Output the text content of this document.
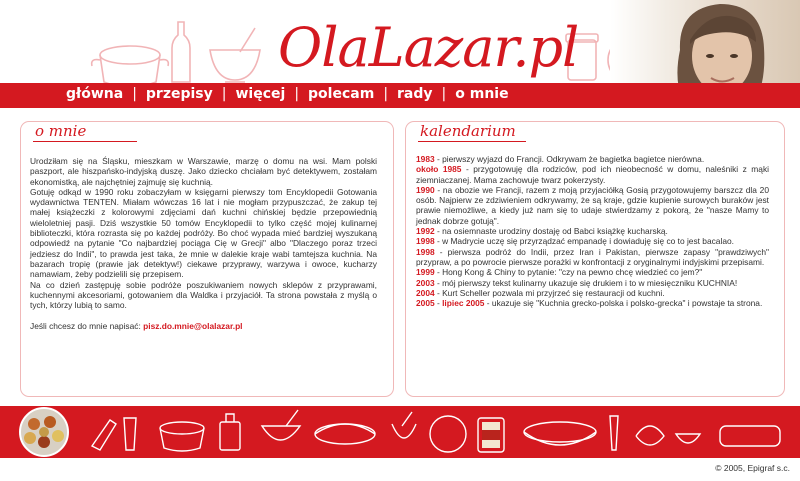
OlaLazar.pl
główna | przepisy | więcej | polecam | rady | o mnie
o mnie

Urodziłam się na Śląsku, mieszkam w Warszawie, marzę o domu na wsi. Mam polski paszport, ale hiszpańsko-indyjską duszę. Jako dziecko chciałam być detektywem, zostałam ekonomistką, ale najchętniej zajmuję się kuchnią.

Gotuję odkąd w 1990 roku zobaczyłam w księgarni pierwszy tom Encyklopedii Gotowania wydawnictwa TENTEN. Miałam wówczas 16 lat i nie mogłam przypuszczać, że zakup tej małej książeczki z kolorowymi zdjęciami dań kuchni chińskiej będzie przepowiednią wieloletniej pasji. Dziś wszystkie 50 tomów Encyklopedii to tylko część mojej kulinarnej biblioteczki, która rozrasta się po każdej podróży. Bo choć wypada mieć bardziej wyszukaną odpowiedź na pytanie "Co najbardziej pociąga Cię w Grecji" albo "Dlaczego poraz trzeci jedziesz do Indii", to prawda jest taka, że mnie w dalekie kraje wabi tamtejsza kuchnia. Na bazarach tropię (prawie jak detektyw!) ciekawe przyprawy, warzywa i owoce, kucharzy namawiam, żeby podzielili się przepisem.

Na co dzień zastępuję sobie podróże poszukiwaniem nowych sklepów z przyprawami, kuchennymi akcesoriami, gotowaniem dla Waldka i przyjaciół. Ta strona powstała z myślą o tych, którzy lubią to samo.

Jeśli chcesz do mnie napisać: pisz.do.mnie@olalazar.pl

kalendarium

1983 - pierwszy wyjazd do Francji. Odkrywam że bagietka bagietce nierówna.

około 1985 - przygotowuję dla rodziców, pod ich nieobecność w domu, naleśniki z mąki ziemniaczanej. Mama zachowuje twarz pokerzysty.

1990 - na obozie we Francji, razem z moją przyjaciółką Gosią przygotowujemy barszcz dla 20 osób. Najpierw ze zdziwieniem odkrywamy, że są kraje, gdzie kupienie surowych buraków jest prawie niemożliwe, a kiedy już nam się to udaje stwierdzamy z pokorą, że "nasze Mamy to jednak dobrze gotują".

1992 - na osiemnaste urodziny dostaję od Babci książkę kucharską.

1998 - w Madrycie uczę się przyrządzać empanadę i dowiaduję się co to jest bacalao.

1998 - pierwsza podróż do Indii, przez Iran i Pakistan, pierwsze zapasy "prawdziwych" przypraw, a po powrocie pierwsze porażki w konfrontacji z oryginalnymi indyjskimi przepisami.

1999 - Hong Kong & Chiny to pytanie: "czy na pewno chcę wiedzieć co jem?"

2003 - mój pierwszy tekst kulinarny ukazuje się drukiem i to w miesięczniku KUCHNIA!

2004 - Kurt Scheller pozwala mi przyjrzeć się restauracji od kuchni.

2005 - lipiec 2005 - ukazuje się "Kuchnia grecko-polska i polsko-grecka" i powstaje ta strona.

© 2005, Epigraf s.c.
